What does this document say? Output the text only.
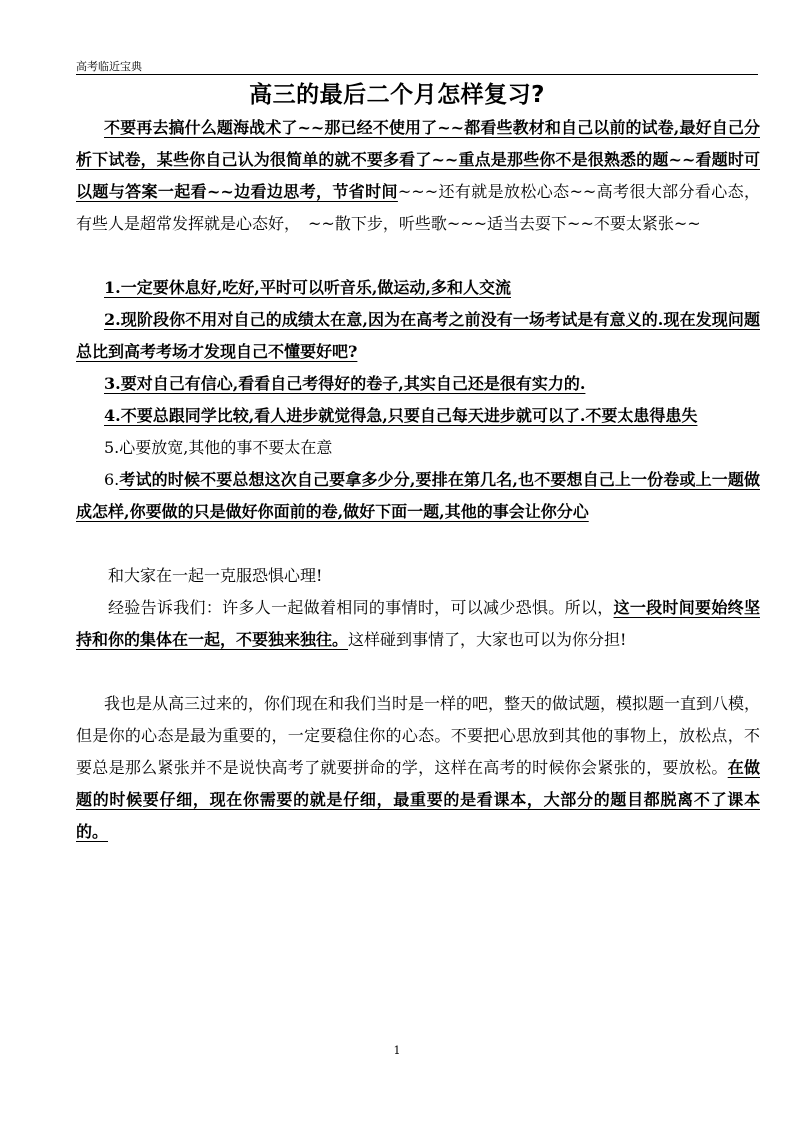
高考临近宝典
高三的最后二个月怎样复习?

不要再去搞什么题海战术了~~那已经不使用了~~都看些教材和自己以前的试卷,最好自己分析下试卷，某些你自己认为很简单的就不要多看了~~重点是那些你不是很熟悉的题~~看题时可以题与答案一起看~~边看边思考，节省时间~~~还有就是放松心态~~高考很大部分看心态，有些人是超常发挥就是心态好，　~~散下步，听些歌~~~适当去耍下~~不要太紧张~~

1.一定要休息好,吃好,平时可以听音乐,做运动,多和人交流

2.现阶段你不用对自己的成绩太在意,因为在高考之前没有一场考试是有意义的.现在发现问题总比到高考考场才发现自己不懂要好吧?

3.要对自己有信心,看看自己考得好的卷子,其实自己还是很有实力的.

4.不要总跟同学比较,看人进步就觉得急,只要自己每天进步就可以了.不要太患得患失

5.心要放宽,其他的事不要太在意

6.考试的时候不要总想这次自己要拿多少分,要排在第几名,也不要想自己上一份卷或上一题做成怎样,你要做的只是做好你面前的卷,做好下面一题,其他的事会让你分心

和大家在一起一克服恐惧心理!

经验告诉我们：许多人一起做着相同的事情时，可以减少恐惧。所以，这一段时间要始终坚持和你的集体在一起，不要独来独往。这样碰到事情了，大家也可以为你分担!

我也是从高三过来的，你们现在和我们当时是一样的吧，整天的做试题，模拟题一直到八模，但是你的心态是最为重要的，一定要稳住你的心态。不要把心思放到其他的事物上，放松点，不要总是那么紧张并不是说快高考了就要拼命的学，这样在高考的时候你会紧张的，要放松。在做题的时候要仔细，现在你需要的就是仔细，最重要的是看课本，大部分的题目都脱离不了课本的。

1
